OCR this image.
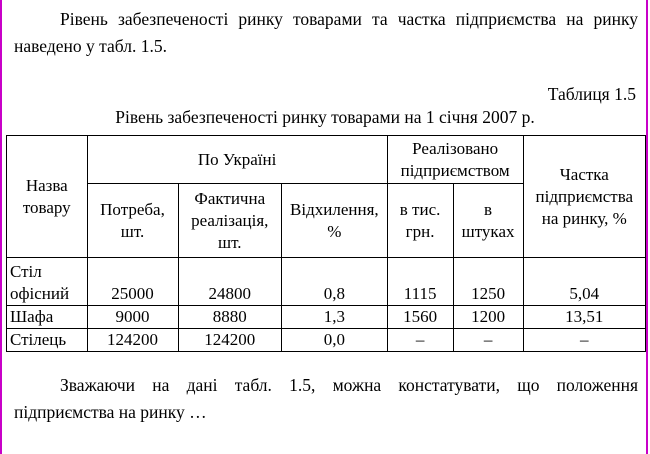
Рівень забезпеченості ринку товарами та частка підприємства на ринку наведено у табл. 1.5.

Таблиця 1.5

Рівень забезпеченості ринку товарами на 1 січня 2007 р.

Назва товару	По Україні			Реалізовано підприємством		Частка підприємства на ринку, %
	Потреба, шт.	Фактична реалізація, шт.	Відхилення, %	в тис. грн.	в штуках	
Стіл офісний	25000	24800	0,8	1115	1250	5,04
Шафа	9000	8880	1,3	1560	1200	13,51
Стілець	124200	124200	0,0	–	–	–

Зважаючи на дані табл. 1.5, можна констатувати, що положення підприємства на ринку …
